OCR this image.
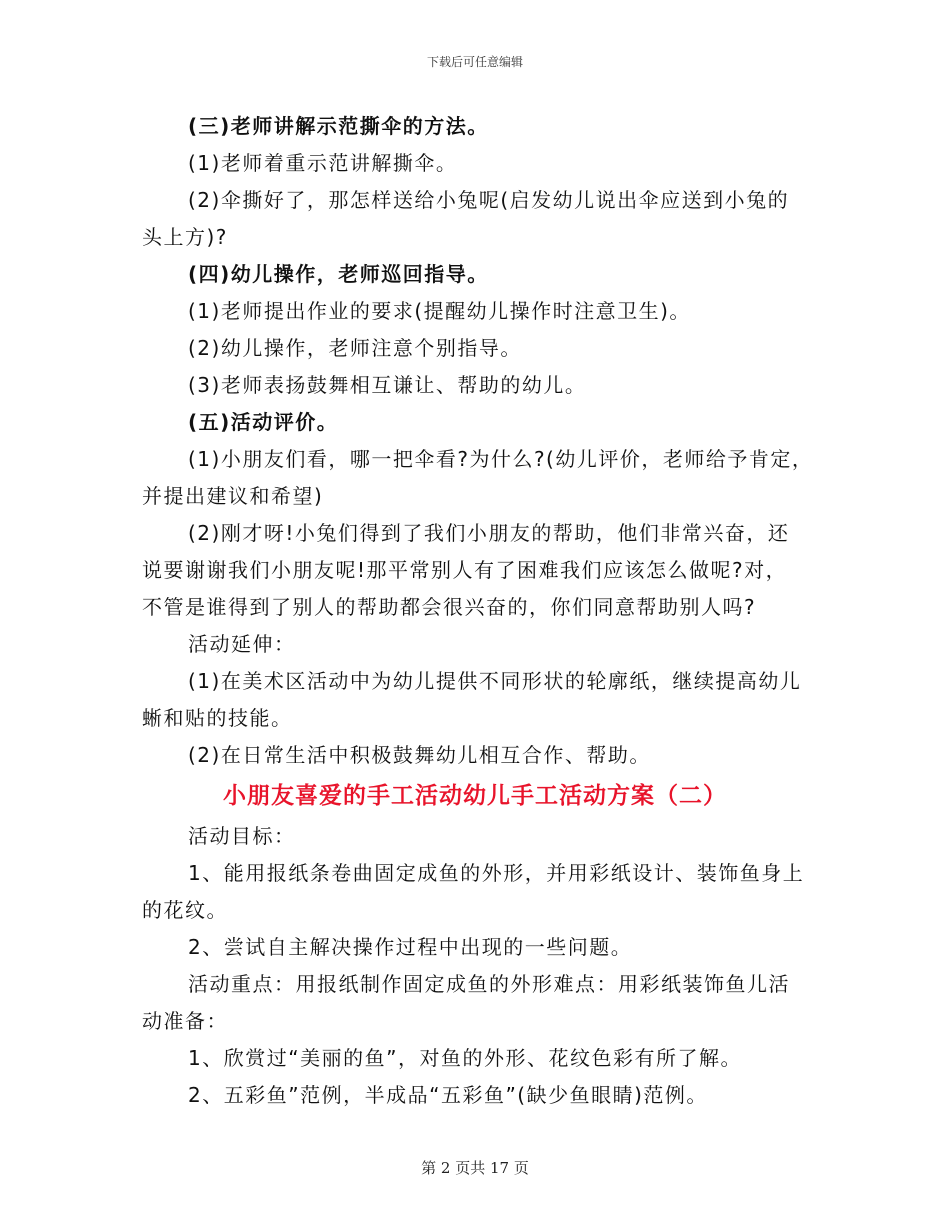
下载后可任意编辑
(三)老师讲解示范撕伞的方法。
(1)老师着重示范讲解撕伞。
(2)伞撕好了，那怎样送给小兔呢(启发幼儿说出伞应送到小兔的
头上方)?
(四)幼儿操作，老师巡回指导。
(1)老师提出作业的要求(提醒幼儿操作时注意卫生)。
(2)幼儿操作，老师注意个别指导。
(3)老师表扬鼓舞相互谦让、帮助的幼儿。
(五)活动评价。
(1)小朋友们看，哪一把伞看?为什么?(幼儿评价，老师给予肯定，
并提出建议和希望)
(2)刚才呀!小兔们得到了我们小朋友的帮助，他们非常兴奋，还
说要谢谢我们小朋友呢!那平常别人有了困难我们应该怎么做呢?对，
不管是谁得到了别人的帮助都会很兴奋的，你们同意帮助别人吗?
活动延伸：
(1)在美术区活动中为幼儿提供不同形状的轮廓纸，继续提高幼儿
蜥和贴的技能。
(2)在日常生活中积极鼓舞幼儿相互合作、帮助。
小朋友喜爱的手工活动幼儿手工活动方案（二）
活动目标：
1、能用报纸条卷曲固定成鱼的外形，并用彩纸设计、装饰鱼身上
的花纹。
2、尝试自主解决操作过程中出现的一些问题。
活动重点：用报纸制作固定成鱼的外形难点：用彩纸装饰鱼儿活
动准备：
1、欣赏过“美丽的鱼”，对鱼的外形、花纹色彩有所了解。
2、五彩鱼”范例，半成品“五彩鱼”(缺少鱼眼睛)范例。
第 2 页共 17 页
